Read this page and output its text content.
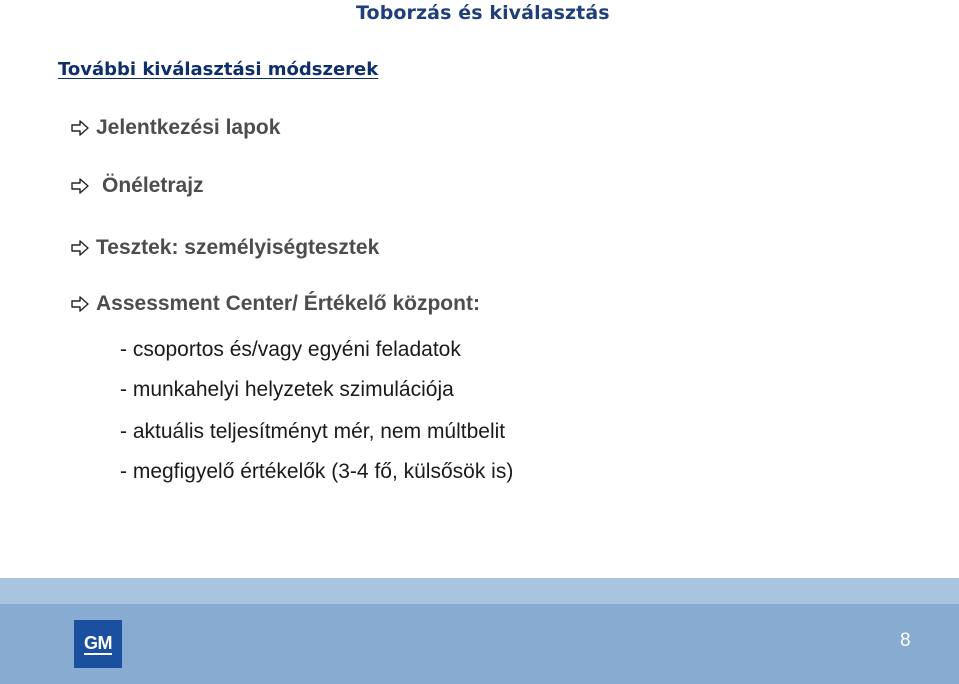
Toborzás és kiválasztás
További kiválasztási módszerek
Jelentkezési lapok
Önéletrajz
Tesztek: személyiségtesztek
Assessment Center/ Értékelő központ:
- csoportos és/vagy egyéni feladatok
- munkahelyi helyzetek szimulációja
- aktuális teljesítményt mér, nem múltbelit
- megfigyelő értékelők (3-4 fő, külsősök is)
GM	8
